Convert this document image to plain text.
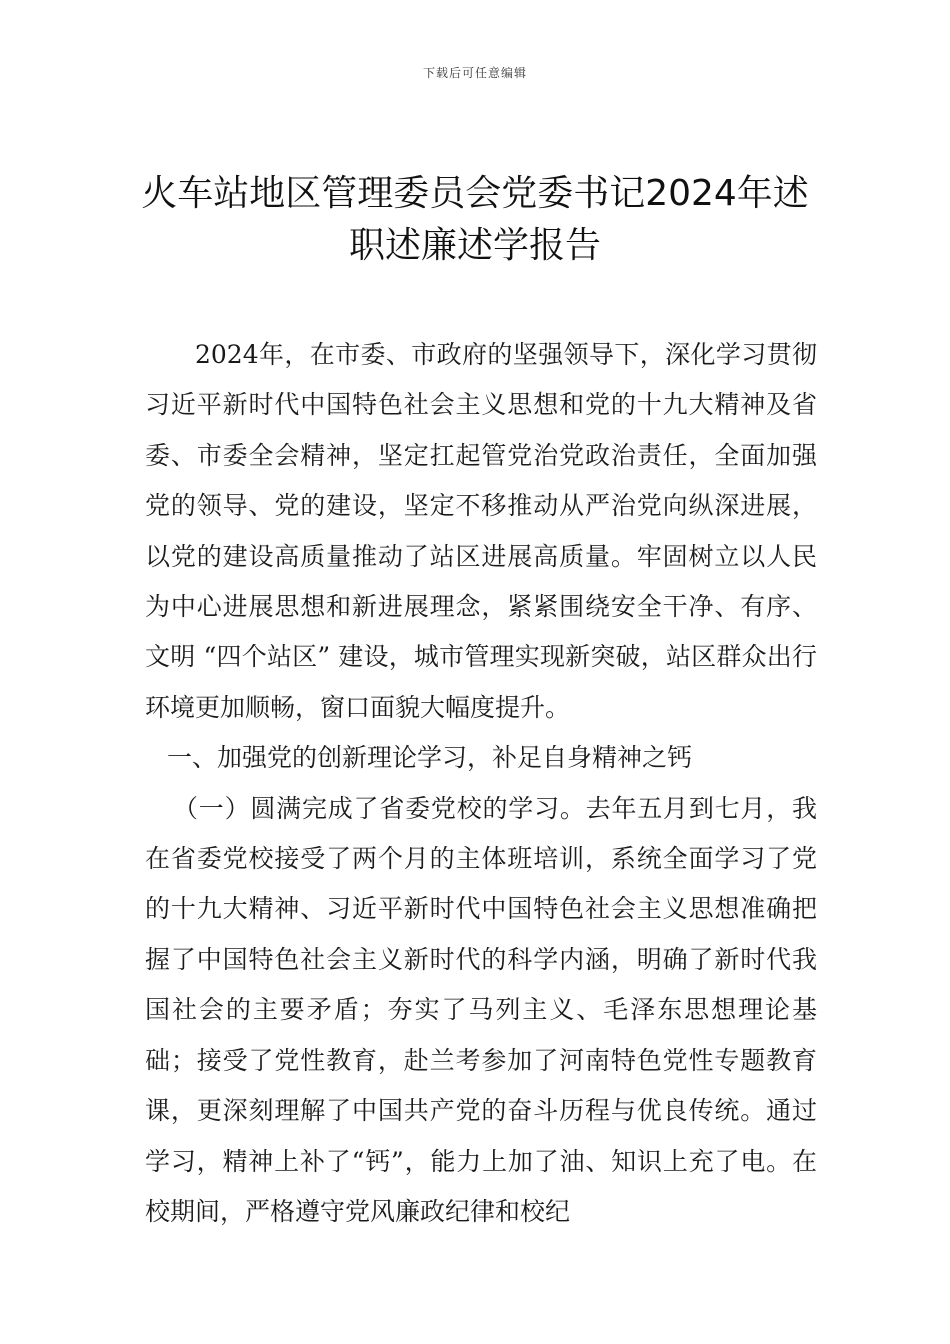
下载后可任意编辑
火车站地区管理委员会党委书记2024年述
职述廉述学报告

2024年，在市委、市政府的坚强领导下，深化学习贯彻习近平新时代中国特色社会主义思想和党的十九大精神及省委、市委全会精神，坚定扛起管党治党政治责任，全面加强党的领导、党的建设，坚定不移推动从严治党向纵深进展，以党的建设高质量推动了站区进展高质量。牢固树立以人民为中心进展思想和新进展理念，紧紧围绕安全干净、有序、文明 “四个站区” 建设，城市管理实现新突破，站区群众出行环境更加顺畅，窗口面貌大幅度提升。

一、加强党的创新理论学习，补足自身精神之钙

（一）圆满完成了省委党校的学习。去年五月到七月，我在省委党校接受了两个月的主体班培训，系统全面学习了党的十九大精神、习近平新时代中国特色社会主义思想准确把握了中国特色社会主义新时代的科学内涵，明确了新时代我国社会的主要矛盾；夯实了马列主义、毛泽东思想理论基础；接受了党性教育，赴兰考参加了河南特色党性专题教育课，更深刻理解了中国共产党的奋斗历程与优良传统。通过学习，精神上补了“钙”，能力上加了油、知识上充了电。在校期间，严格遵守党风廉政纪律和校纪
